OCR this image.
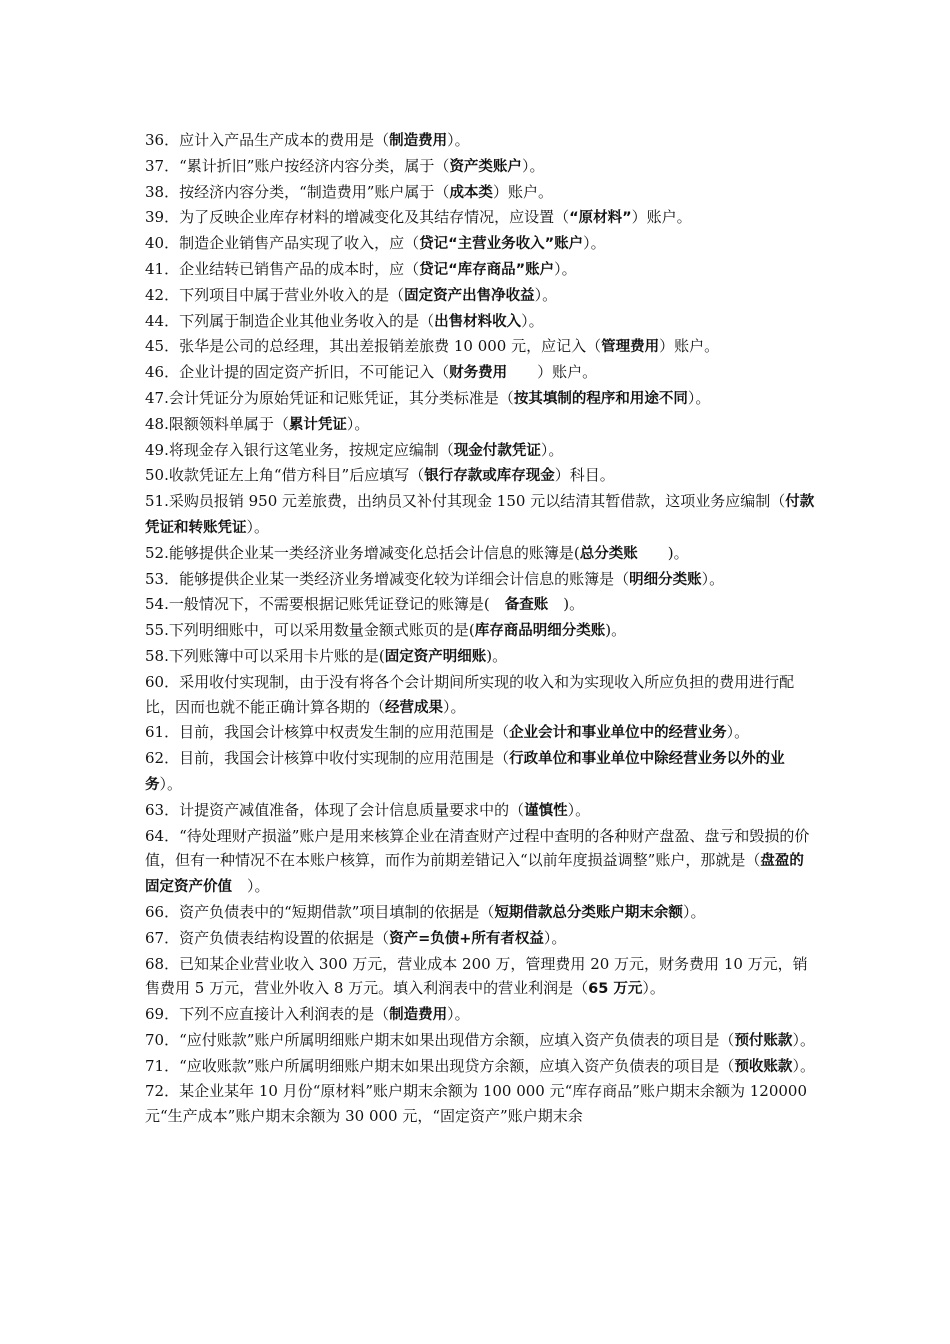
36．应计入产品生产成本的费用是（制造费用）。

37．“累计折旧”账户按经济内容分类，属于（资产类账户）。

38．按经济内容分类，“制造费用”账户属于（成本类）账户。

39．为了反映企业库存材料的增减变化及其结存情况，应设置（“原材料”）账户。

40．制造企业销售产品实现了收入，应（贷记“主营业务收入”账户）。

41．企业结转已销售产品的成本时，应（贷记“库存商品”账户）。

42．下列项目中属于营业外收入的是（固定资产出售净收益）。

44．下列属于制造企业其他业务收入的是（出售材料收入）。

45．张华是公司的总经理，其出差报销差旅费 10 000 元，应记入（管理费用）账户。

46．企业计提的固定资产折旧，不可能记入（财务费用　　）账户。

47.会计凭证分为原始凭证和记账凭证，其分类标准是（按其填制的程序和用途不同）。

48.限额领料单属于（累计凭证）。

49.将现金存入银行这笔业务，按规定应编制（现金付款凭证）。

50.收款凭证左上角“借方科目”后应填写（银行存款或库存现金）科目。

51.采购员报销 950 元差旅费，出纳员又补付其现金 150 元以结清其暂借款，这项业务应编制（付款凭证和转账凭证）。

52.能够提供企业某一类经济业务增减变化总括会计信息的账簿是(总分类账　　)。

53．能够提供企业某一类经济业务增减变化较为详细会计信息的账簿是（明细分类账）。

54.一般情况下，不需要根据记账凭证登记的账簿是(　备查账　)。

55.下列明细账中，可以采用数量金额式账页的是(库存商品明细分类账)。

58.下列账簿中可以采用卡片账的是(固定资产明细账)。

60．采用收付实现制，由于没有将各个会计期间所实现的收入和为实现收入所应负担的费用进行配比，因而也就不能正确计算各期的（经营成果）。

61．目前，我国会计核算中权责发生制的应用范围是（企业会计和事业单位中的经营业务）。

62．目前，我国会计核算中收付实现制的应用范围是（行政单位和事业单位中除经营业务以外的业务）。

63．计提资产减值准备，体现了会计信息质量要求中的（谨慎性）。

64．“待处理财产损溢”账户是用来核算企业在清查财产过程中查明的各种财产盘盈、盘亏和毁损的价值，但有一种情况不在本账户核算，而作为前期差错记入“以前年度损益调整”账户，那就是（盘盈的固定资产价值　）。

66．资产负债表中的“短期借款”项目填制的依据是（短期借款总分类账户期末余额）。

67．资产负债表结构设置的依据是（资产=负债+所有者权益）。

68．已知某企业营业收入 300 万元，营业成本 200 万，管理费用 20 万元，财务费用 10 万元，销售费用 5 万元，营业外收入 8 万元。填入利润表中的营业利润是（65 万元）。

69．下列不应直接计入利润表的是（制造费用）。

70．“应付账款”账户所属明细账户期末如果出现借方余额，应填入资产负债表的项目是（预付账款）。

71．“应收账款”账户所属明细账户期末如果出现贷方余额，应填入资产负债表的项目是（预收账款）。

72．某企业某年 10 月份“原材料”账户期末余额为 100 000 元“库存商品”账户期末余额为 120000 元“生产成本”账户期末余额为 30 000 元，“固定资产”账户期末余
